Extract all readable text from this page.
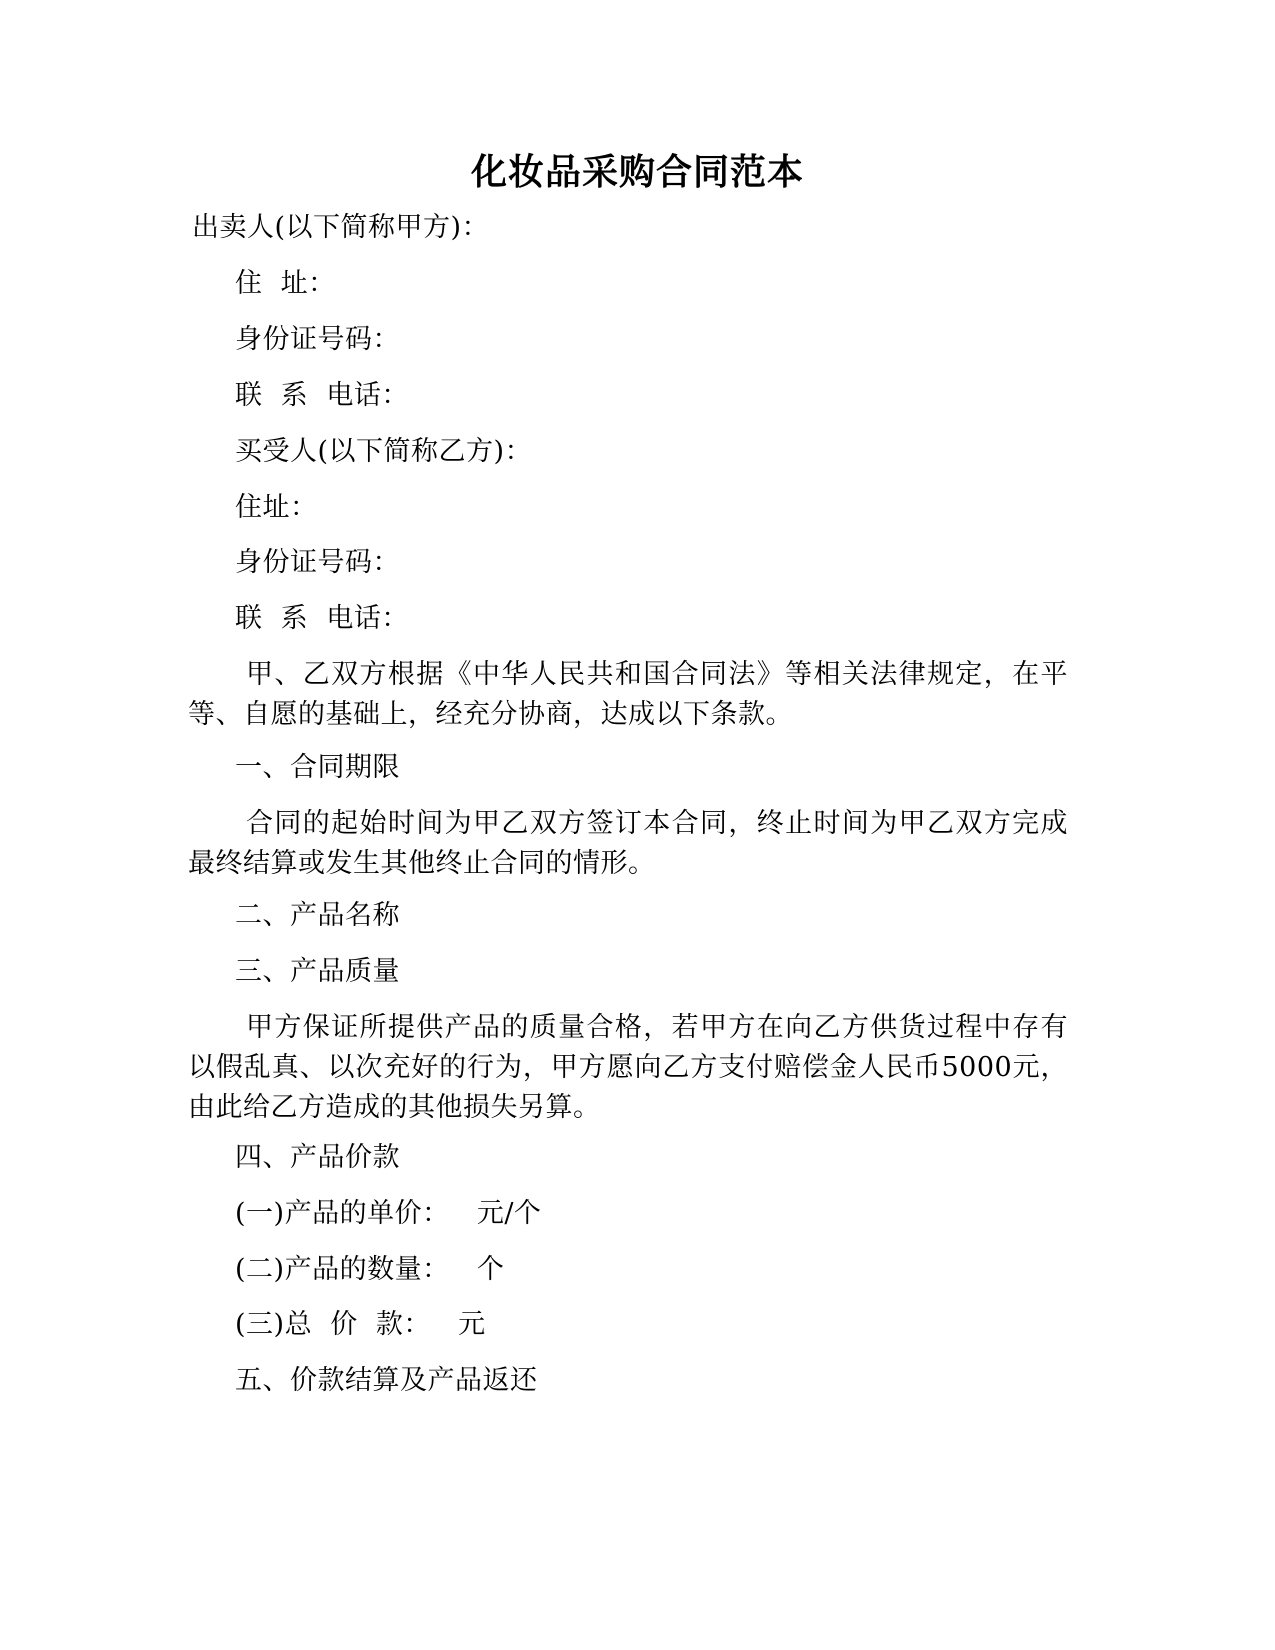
化妆品采购合同范本
出卖人(以下简称甲方)：
住  址：
身份证号码：
联  系  电话：
买受人(以下简称乙方)：
住址：
身份证号码：
联  系  电话：
甲、乙双方根据《中华人民共和国合同法》等相关法律规定，在平等、自愿的基础上，经充分协商，达成以下条款。
一、合同期限
合同的起始时间为甲乙双方签订本合同，终止时间为甲乙双方完成最终结算或发生其他终止合同的情形。
二、产品名称
三、产品质量
甲方保证所提供产品的质量合格，若甲方在向乙方供货过程中存有以假乱真、以次充好的行为，甲方愿向乙方支付赔偿金人民币5000元，由此给乙方造成的其他损失另算。
四、产品价款
(一)产品的单价：   元/个
(二)产品的数量：   个
(三)总  价  款：   元
五、价款结算及产品返还
